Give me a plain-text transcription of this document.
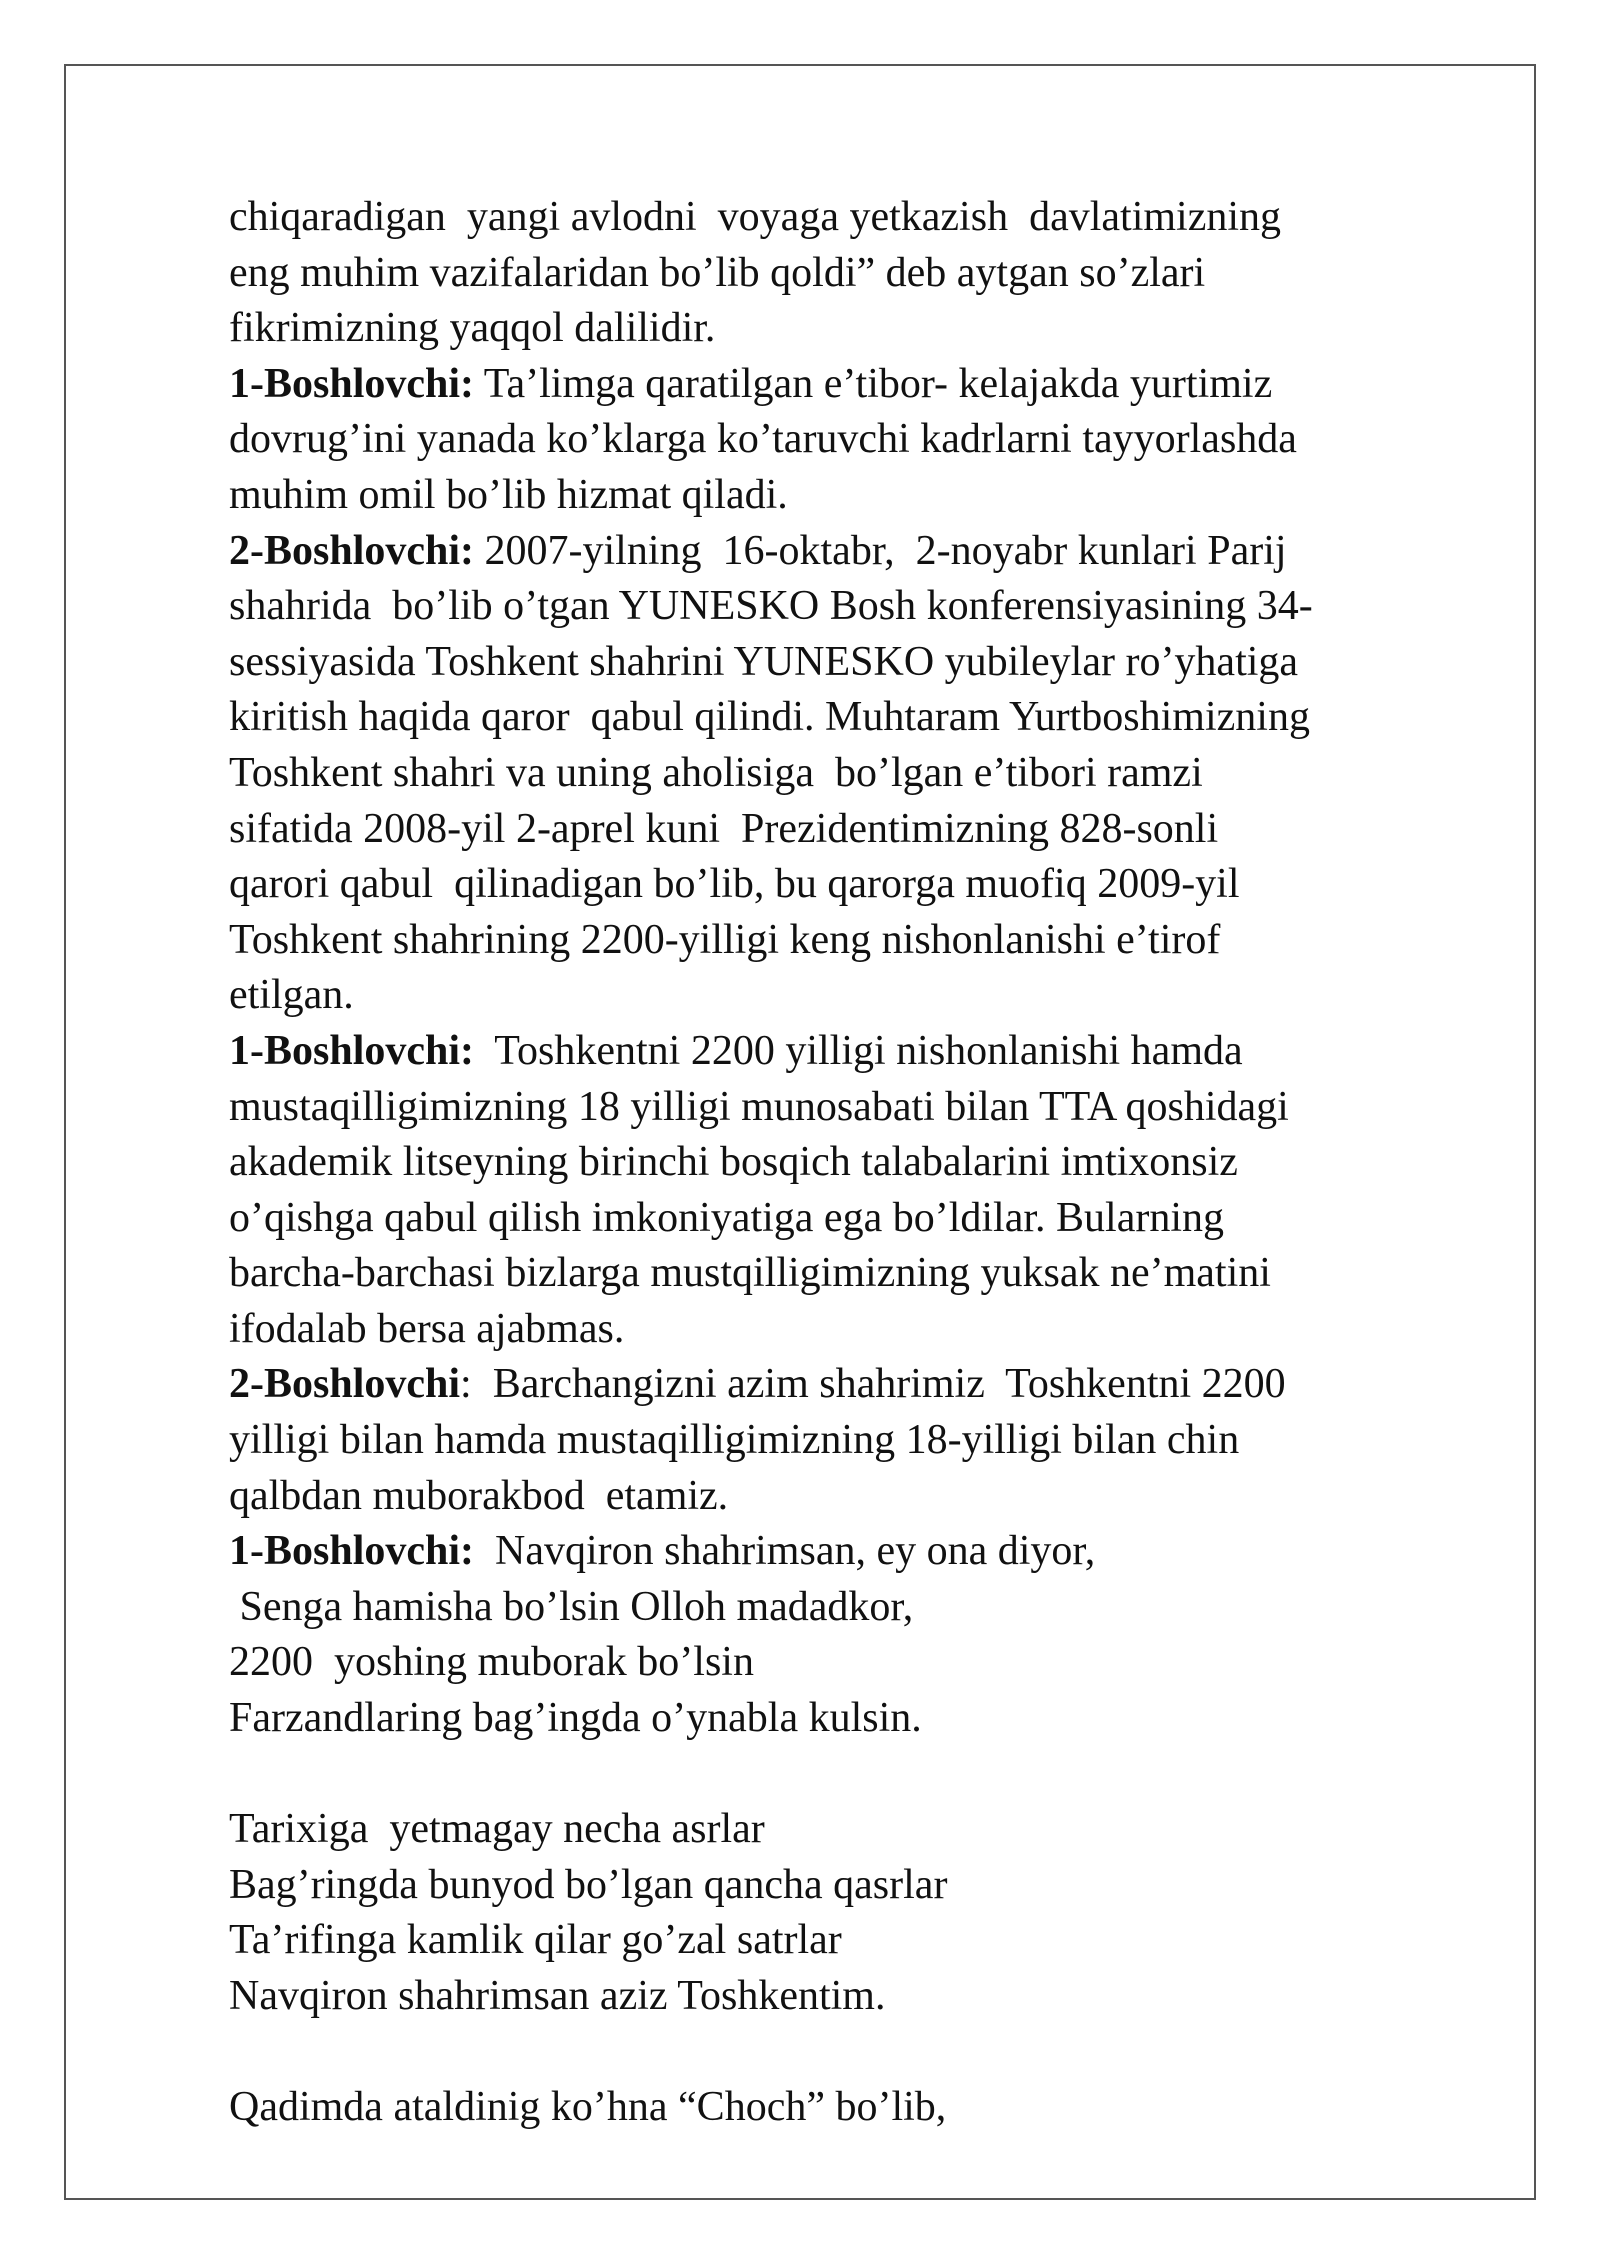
chiqaradigan  yangi avlodni  voyaga yetkazish  davlatimizning
eng muhim vazifalaridan bo’lib qoldi” deb aytgan so’zlari
fikrimizning yaqqol dalilidir.
1-Boshlovchi: Ta’limga qaratilgan e’tibor- kelajakda yurtimiz
dovrug’ini yanada ko’klarga ko’taruvchi kadrlarni tayyorlashda
muhim omil bo’lib hizmat qiladi.
2-Boshlovchi: 2007-yilning  16-oktabr,  2-noyabr kunlari Parij
shahrida  bo’lib o’tgan YUNESKO Bosh konferensiyasining 34-
sessiyasida Toshkent shahrini YUNESKO yubileylar ro’yhatiga
kiritish haqida qaror  qabul qilindi. Muhtaram Yurtboshimizning
Toshkent shahri va uning aholisiga  bo’lgan e’tibori ramzi
sifatida 2008-yil 2-aprel kuni  Prezidentimizning 828-sonli
qarori qabul  qilinadigan bo’lib, bu qarorga muofiq 2009-yil
Toshkent shahrining 2200-yilligi keng nishonlanishi e’tirof
etilgan.
1-Boshlovchi:  Toshkentni 2200 yilligi nishonlanishi hamda
mustaqilligimizning 18 yilligi munosabati bilan TTA qoshidagi
akademik litseyning birinchi bosqich talabalarini imtixonsiz
o’qishga qabul qilish imkoniyatiga ega bo’ldilar. Bularning
barcha-barchasi bizlarga mustqilligimizning yuksak ne’matini
ifodalab bersa ajabmas.
2-Boshlovchi:  Barchangizni azim shahrimiz  Toshkentni 2200
yilligi bilan hamda mustaqilligimizning 18-yilligi bilan chin
qalbdan muborakbod  etamiz.
1-Boshlovchi:  Navqiron shahrimsan, ey ona diyor,
Senga hamisha bo’lsin Olloh madadkor,
2200  yoshing muborak bo’lsin
Farzandlaring bag’ingda o’ynabla kulsin.
Tarixiga  yetmagay necha asrlar
Bag’ringda bunyod bo’lgan qancha qasrlar
Ta’rifinga kamlik qilar go’zal satrlar
Navqiron shahrimsan aziz Toshkentim.
Qadimda ataldinig ko’hna “Choch” bo’lib,
